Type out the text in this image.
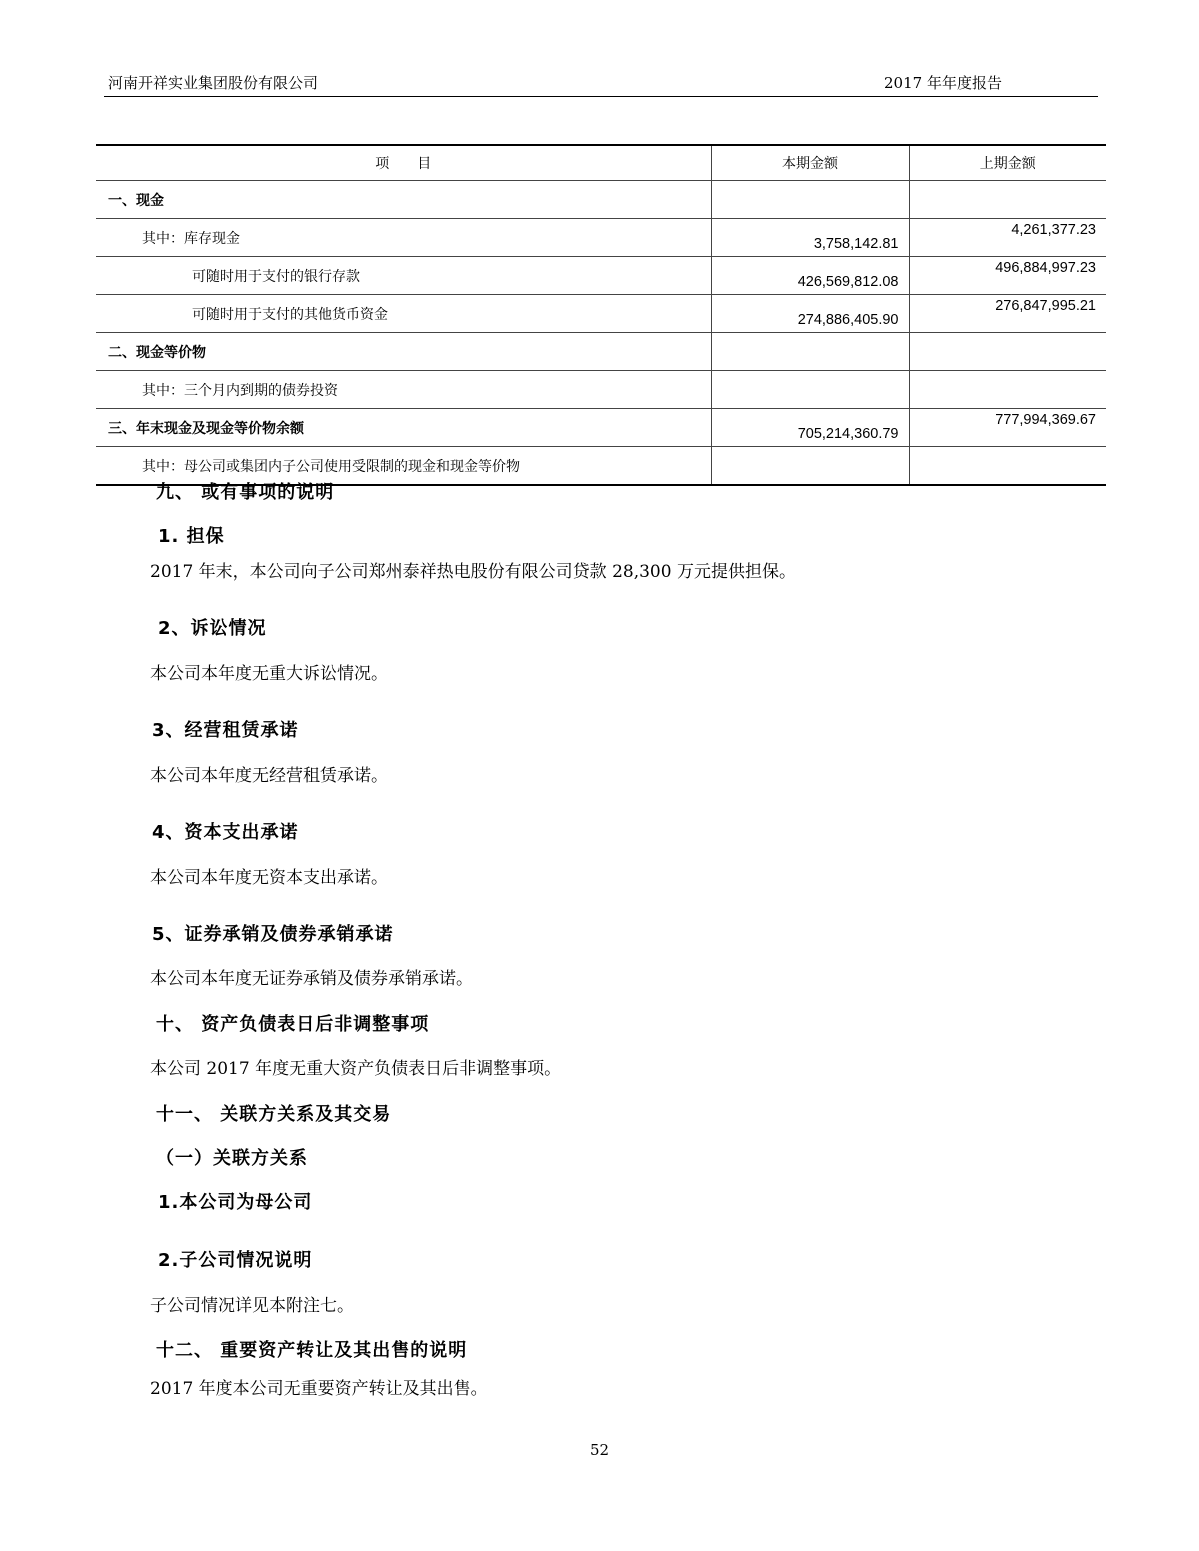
河南开祥实业集团股份有限公司	2017 年年度报告
项　　目	本期金额	上期金额
一、现金		
其中：库存现金	3,758,142.81	4,261,377.23
可随时用于支付的银行存款	426,569,812.08	496,884,997.23
可随时用于支付的其他货币资金	274,886,405.90	276,847,995.21
二、现金等价物		
其中：三个月内到期的债券投资		
三、年末现金及现金等价物余额	705,214,360.79	777,994,369.67
其中：母公司或集团内子公司使用受限制的现金和现金等价物		
九、 或有事项的说明
1. 担保
2017 年末，本公司向子公司郑州泰祥热电股份有限公司贷款 28,300 万元提供担保。
2、诉讼情况
本公司本年度无重大诉讼情况。
3、经营租赁承诺
本公司本年度无经营租赁承诺。
4、资本支出承诺
本公司本年度无资本支出承诺。
5、证券承销及债券承销承诺
本公司本年度无证券承销及债券承销承诺。
十、 资产负债表日后非调整事项
本公司 2017 年度无重大资产负债表日后非调整事项。
十一、 关联方关系及其交易
（一）关联方关系
1.本公司为母公司
2.子公司情况说明
子公司情况详见本附注七。
十二、 重要资产转让及其出售的说明
2017 年度本公司无重要资产转让及其出售。
52
